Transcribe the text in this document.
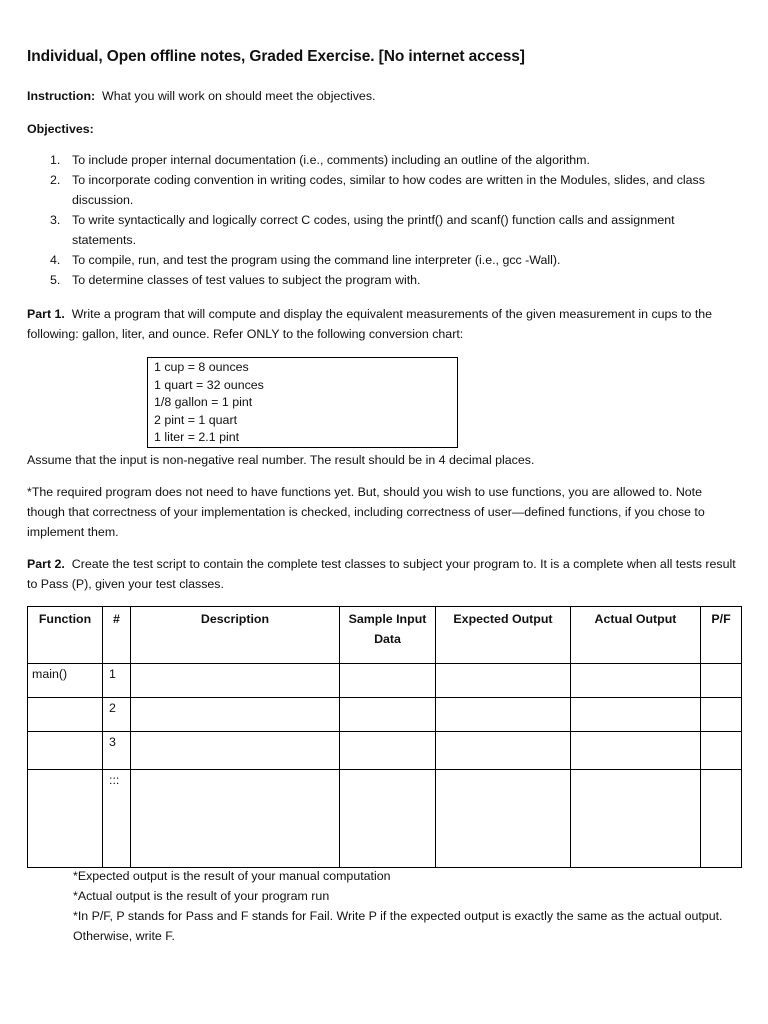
Individual, Open offline notes, Graded Exercise. [No internet access]
Instruction: What you will work on should meet the objectives.
Objectives:
1. To include proper internal documentation (i.e., comments) including an outline of the algorithm.
2. To incorporate coding convention in writing codes, similar to how codes are written in the Modules, slides, and class discussion.
3. To write syntactically and logically correct C codes, using the printf() and scanf() function calls and assignment statements.
4. To compile, run, and test the program using the command line interpreter (i.e., gcc -Wall).
5. To determine classes of test values to subject the program with.
Part 1. Write a program that will compute and display the equivalent measurements of the given measurement in cups to the following: gallon, liter, and ounce. Refer ONLY to the following conversion chart:
1 cup = 8 ounces
1 quart = 32 ounces
1/8 gallon = 1 pint
2 pint = 1 quart
1 liter = 2.1 pint
Assume that the input is non-negative real number. The result should be in 4 decimal places.
*The required program does not need to have functions yet. But, should you wish to use functions, you are allowed to. Note though that correctness of your implementation is checked, including correctness of user—defined functions, if you chose to implement them.
Part 2. Create the test script to contain the complete test classes to subject your program to. It is a complete when all tests result to Pass (P), given your test classes.
Function	#	Description	Sample Input Data	Expected Output	Actual Output	P/F
main()	1					
	2					
	3					
	:::					
*Expected output is the result of your manual computation
*Actual output is the result of your program run
*In P/F, P stands for Pass and F stands for Fail. Write P if the expected output is exactly the same as the actual output. Otherwise, write F.
